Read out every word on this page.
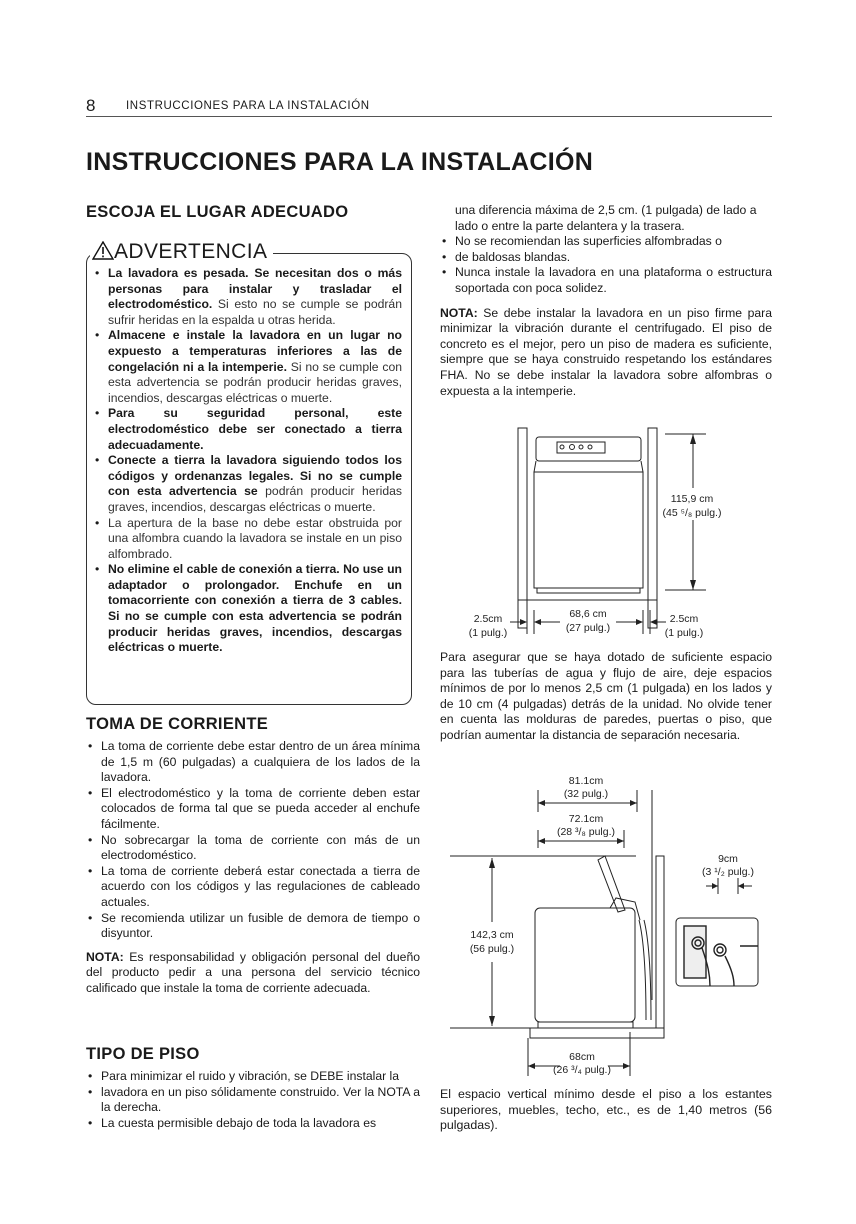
8	INSTRUCCIONES PARA LA INSTALACIÓN
INSTRUCCIONES PARA LA INSTALACIÓN
ESCOJA EL LUGAR ADECUADO
ADVERTENCIA
• La lavadora es pesada. Se necesitan dos o más personas para instalar y trasladar el electrodoméstico. Si esto no se cumple se podrán sufrir heridas en la espalda u otras herida.
• Almacene e instale la lavadora en un lugar no expuesto a temperaturas inferiores a las de congelación ni a la intemperie. Si no se cumple con esta advertencia se podrán producir heridas graves, incendios, descargas eléctricas o muerte.
• Para su seguridad personal, este electrodoméstico debe ser conectado a tierra adecuadamente.
• Conecte a tierra la lavadora siguiendo todos los códigos y ordenanzas legales. Si no se cumple con esta advertencia se podrán producir heridas graves, incendios, descargas eléctricas o muerte.
• La apertura de la base no debe estar obstruida por una alfombra cuando la lavadora se instale en un piso alfombrado.
• No elimine el cable de conexión a tierra. No use un adaptador o prolongador. Enchufe en un tomacorriente con conexión a tierra de 3 cables. Si no se cumple con esta advertencia se podrán producir heridas graves, incendios, descargas eléctricas o muerte.
TOMA DE CORRIENTE
• La toma de corriente debe estar dentro de un área mínima de 1,5 m (60 pulgadas) a cualquiera de los lados de la lavadora.
• El electrodoméstico y la toma de corriente deben estar colocados de forma tal que se pueda acceder al enchufe fácilmente.
• No sobrecargar la toma de corriente con más de un electrodoméstico.
• La toma de corriente deberá estar conectada a tierra de acuerdo con los códigos y las regulaciones de cableado actuales.
• Se recomienda utilizar un fusible de demora de tiempo o disyuntor.

NOTA: Es responsabilidad y obligación personal del dueño del producto pedir a una persona del servicio técnico calificado que instale la toma de corriente adecuada.

TIPO DE PISO
• Para minimizar el ruido y vibración, se DEBE instalar la
• lavadora en un piso sólidamente construido. Ver la NOTA a la derecha.
• La cuesta permisible debajo de toda la lavadora es

una diferencia máxima de 2,5 cm. (1 pulgada) de lado a lado o entre la parte delantera y la trasera.

• No se recomiendan las superficies alfombradas o
• de baldosas blandas.
• Nunca instale la lavadora en una plataforma o estructura soportada con poca solidez.

NOTA: Se debe instalar la lavadora en un piso firme para minimizar la vibración durante el centrifugado. El piso de concreto es el mejor, pero un piso de madera es suficiente, siempre que se haya construido respetando los estándares FHA. No se debe instalar la lavadora sobre alfombras o expuesta a la intemperie.

115,9 cm
(45 ⁵/₈ pulg.)
68,6 cm
(27 pulg.)
2.5cm
(1 pulg.)
2.5cm
(1 pulg.)
Para asegurar que se haya dotado de suficiente espacio para las tuberías de agua y flujo de aire, deje espacios mínimos de por lo menos 2,5 cm (1 pulgada) en los lados y de 10 cm (4 pulgadas) detrás de la unidad. No olvide tener en cuenta las molduras de paredes, puertas o piso, que podrían aumentar la distancia de separación necesaria.
81.1cm
(32 pulg.)
72.1cm
(28 ³/₈ pulg.)
142,3 cm
(56 pulg.)
9cm
(3 ¹/₂ pulg.)
68cm
(26 ³/₄ pulg.)
El espacio vertical mínimo desde el piso a los estantes superiores, muebles, techo, etc., es de 1,40 metros (56 pulgadas).
